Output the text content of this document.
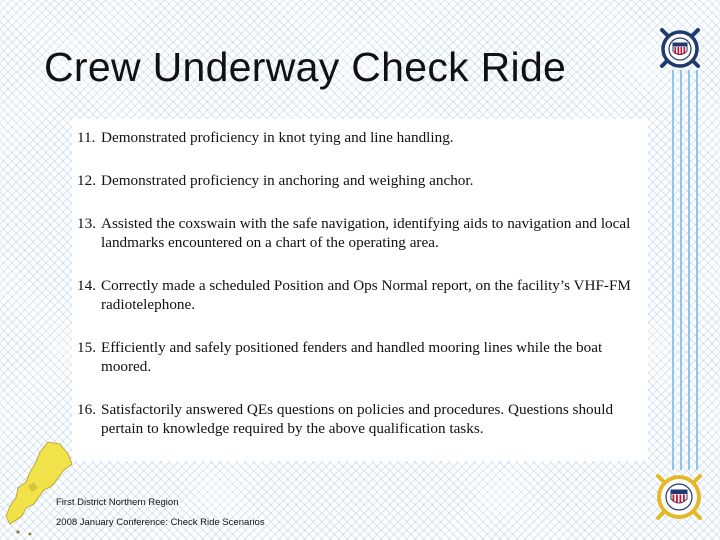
Crew Underway Check Ride
11. Demonstrated proficiency in knot tying and line handling.
12. Demonstrated proficiency in anchoring and weighing anchor.
13. Assisted the coxswain with the safe navigation, identifying aids to navigation and local landmarks encountered on a chart of the operating area.
14. Correctly made a scheduled Position and Ops Normal report, on the facility’s VHF-FM radiotelephone.
15. Efficiently and safely positioned fenders and handled mooring lines while the boat moored.
16. Satisfactorily answered QEs questions on policies and procedures. Questions should pertain to knowledge required by the above qualification tasks.
First District Northern Region
2008 January Conference: Check Ride Scenarios
